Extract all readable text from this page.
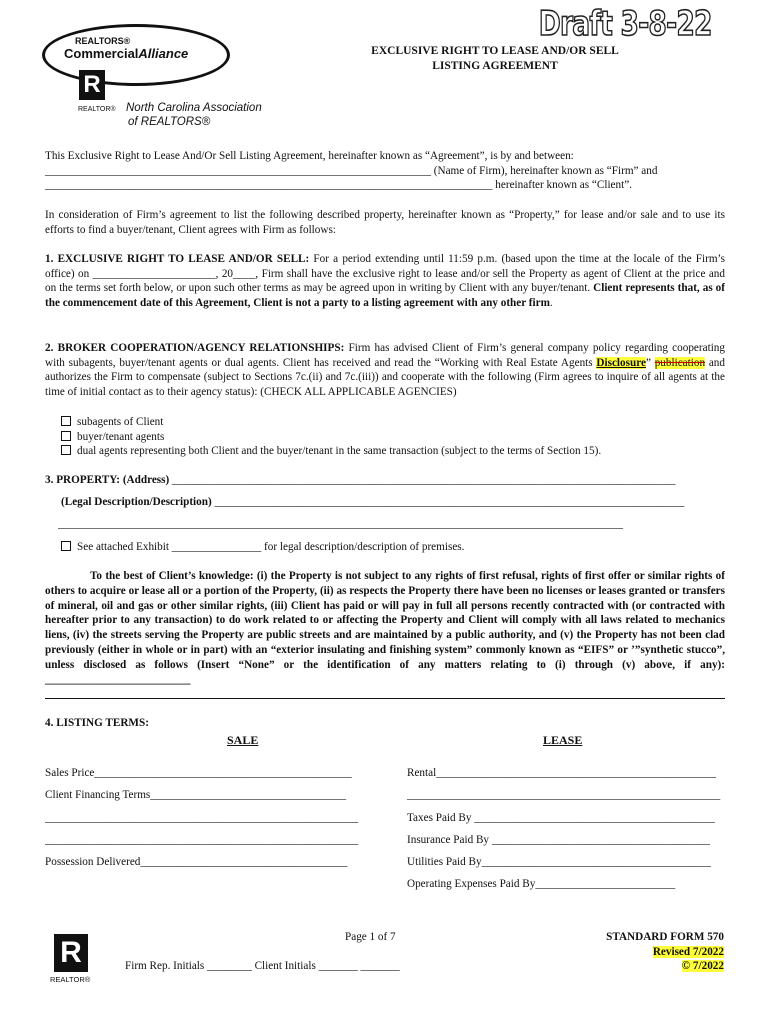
Draft 3-8-22
REALTORS®
CommercialAlliance
R
REALTOR® North Carolina Association
of REALTORS®
EXCLUSIVE RIGHT TO LEASE AND/OR SELL
LISTING AGREEMENT
This Exclusive Right to Lease And/Or Sell Listing Agreement, hereinafter known as “Agreement”, is by and between:
_____________________________________________________________________ (Name of Firm), hereinafter known as “Firm” and
________________________________________________________________________________ hereinafter known as “Client”.
In consideration of Firm’s agreement to list the following described property, hereinafter known as “Property,” for lease and/or sale and to use its efforts to find a buyer/tenant, Client agrees with Firm as follows:
1. EXCLUSIVE RIGHT TO LEASE AND/OR SELL: For a period extending until 11:59 p.m. (based upon the time at the locale of the Firm’s office) on ______________________, 20____, Firm shall have the exclusive right to lease and/or sell the Property as agent of Client at the price and on the terms set forth below, or upon such other terms as may be agreed upon in writing by Client with any buyer/tenant. Client represents that, as of the commencement date of this Agreement, Client is not a party to a listing agreement with any other firm.
2. BROKER COOPERATION/AGENCY RELATIONSHIPS: Firm has advised Client of Firm’s general company policy regarding cooperating with subagents, buyer/tenant agents or dual agents. Client has received and read the “Working with Real Estate Agents Disclosure” publication and authorizes the Firm to compensate (subject to Sections 7c.(ii) and 7c.(iii)) and cooperate with the following (Firm agrees to inquire of all agents at the time of initial contact as to their agency status): (CHECK ALL APPLICABLE AGENCIES)
subagents of Client
buyer/tenant agents
dual agents representing both Client and the buyer/tenant in the same transaction (subject to the terms of Section 15).
3. PROPERTY: (Address) __________________________________________________________________________________________
(Legal Description/Description) ____________________________________________________________________________________
_____________________________________________________________________________________________________
See attached Exhibit ________________ for legal description/description of premises.
To the best of Client’s knowledge: (i) the Property is not subject to any rights of first refusal, rights of first offer or similar rights of others to acquire or lease all or a portion of the Property, (ii) as respects the Property there have been no licenses or leases granted or transfers of mineral, oil and gas or other similar rights, (iii) Client has paid or will pay in full all persons recently contracted with (or contracted with hereafter prior to any transaction) to do work related to or affecting the Property and Client will comply with all laws related to mechanics liens, (iv) the streets serving the Property are public streets and are maintained by a public authority, and (v) the Property has not been clad previously (either in whole or in part) with an “exterior insulating and finishing system” commonly known as “EIFS” or ’”synthetic stucco”, unless disclosed as follows (Insert “None” or the identification of any matters relating to (i) through (v) above, if any): __________________________
4. LISTING TERMS:
SALE	LEASE
Sales Price______________________________________________
Client Financing Terms___________________________________
________________________________________________________
________________________________________________________
Possession Delivered_____________________________________
Rental__________________________________________________
________________________________________________________
Taxes Paid By ___________________________________________
Insurance Paid By _______________________________________
Utilities Paid By_________________________________________
Operating Expenses Paid By_________________________
R
REALTOR®
Page 1 of 7
Firm Rep. Initials ________ Client Initials _______ _______
STANDARD FORM 570
Revised 7/2022
© 7/2022
